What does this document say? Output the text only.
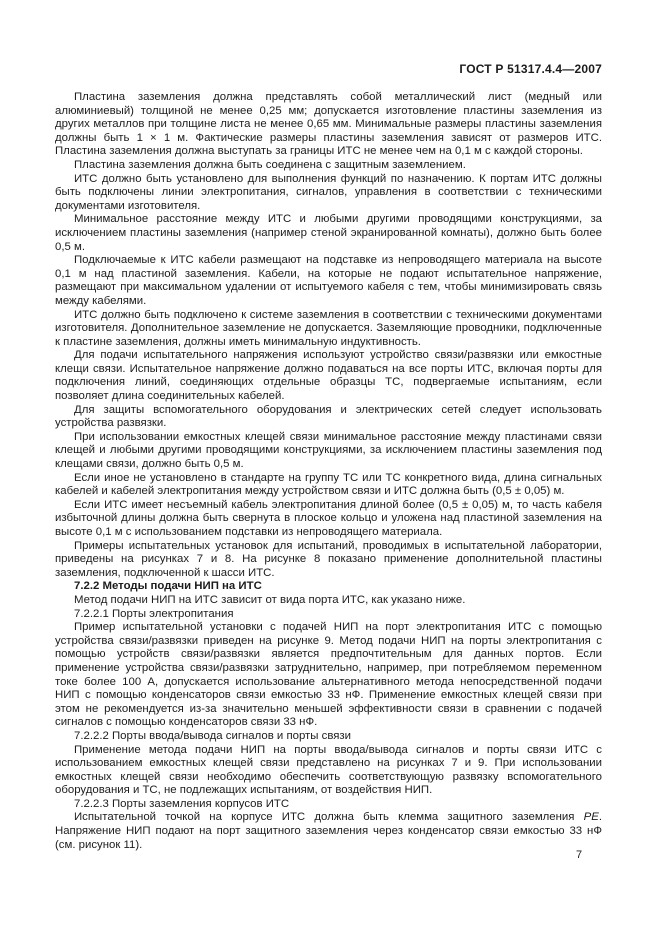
ГОСТ Р 51317.4.4—2007

Пластина заземления должна представлять собой металлический лист (медный или алюминиевый) толщиной не менее 0,25 мм; допускается изготовление пластины заземления из других металлов при толщине листа не менее 0,65 мм. Минимальные размеры пластины заземления должны быть 1 × 1 м. Фактические размеры пластины заземления зависят от размеров ИТС. Пластина заземления должна выступать за границы ИТС не менее чем на 0,1 м с каждой стороны.

Пластина заземления должна быть соединена с защитным заземлением.

ИТС должно быть установлено для выполнения функций по назначению. К портам ИТС должны быть подключены линии электропитания, сигналов, управления в соответствии с техническими документами изготовителя.

Минимальное расстояние между ИТС и любыми другими проводящими конструкциями, за исключением пластины заземления (например стеной экранированной комнаты), должно быть более 0,5 м.

Подключаемые к ИТС кабели размещают на подставке из непроводящего материала на высоте 0,1 м над пластиной заземления. Кабели, на которые не подают испытательное напряжение, размещают при максимальном удалении от испытуемого кабеля с тем, чтобы минимизировать связь между кабелями.

ИТС должно быть подключено к системе заземления в соответствии с техническими документами изготовителя. Дополнительное заземление не допускается. Заземляющие проводники, подключенные к пластине заземления, должны иметь минимальную индуктивность.

Для подачи испытательного напряжения используют устройство связи/развязки или емкостные клещи связи. Испытательное напряжение должно подаваться на все порты ИТС, включая порты для подключения линий, соединяющих отдельные образцы ТС, подвергаемые испытаниям, если позволяет длина соединительных кабелей.

Для защиты вспомогательного оборудования и электрических сетей следует использовать устройства развязки.

При использовании емкостных клещей связи минимальное расстояние между пластинами связи клещей и любыми другими проводящими конструкциями, за исключением пластины заземления под клещами связи, должно быть 0,5 м.

Если иное не установлено в стандарте на группу ТС или ТС конкретного вида, длина сигнальных кабелей и кабелей электропитания между устройством связи и ИТС должна быть (0,5 ± 0,05) м.

Если ИТС имеет несъемный кабель электропитания длиной более (0,5 ± 0,05) м, то часть кабеля избыточной длины должна быть свернута в плоское кольцо и уложена над пластиной заземления на высоте 0,1 м с использованием подставки из непроводящего материала.

Примеры испытательных установок для испытаний, проводимых в испытательной лаборатории, приведены на рисунках 7 и 8. На рисунке 8 показано применение дополнительной пластины заземления, подключенной к шасси ИТС.

7.2.2 Методы подачи НИП на ИТС

Метод подачи НИП на ИТС зависит от вида порта ИТС, как указано ниже.

7.2.2.1 Порты электропитания

Пример испытательной установки с подачей НИП на порт электропитания ИТС с помощью устройства связи/развязки приведен на рисунке 9. Метод подачи НИП на порты электропитания с помощью устройств связи/развязки является предпочтительным для данных портов. Если применение устройства связи/развязки затруднительно, например, при потребляемом переменном токе более 100 А, допускается использование альтернативного метода непосредственной подачи НИП с помощью конденсаторов связи емкостью 33 нФ. Применение емкостных клещей связи при этом не рекомендуется из-за значительно меньшей эффективности связи в сравнении с подачей сигналов с помощью конденсаторов связи 33 нФ.

7.2.2.2 Порты ввода/вывода сигналов и порты связи

Применение метода подачи НИП на порты ввода/вывода сигналов и порты связи ИТС с использованием емкостных клещей связи представлено на рисунках 7 и 9. При использовании емкостных клещей связи необходимо обеспечить соответствующую развязку вспомогательного оборудования и ТС, не подлежащих испытаниям, от воздействия НИП.

7.2.2.3 Порты заземления корпусов ИТС

Испытательной точкой на корпусе ИТС должна быть клемма защитного заземления PE. Напряжение НИП подают на порт защитного заземления через конденсатор связи емкостью 33 нФ (см. рисунок 11).

7
